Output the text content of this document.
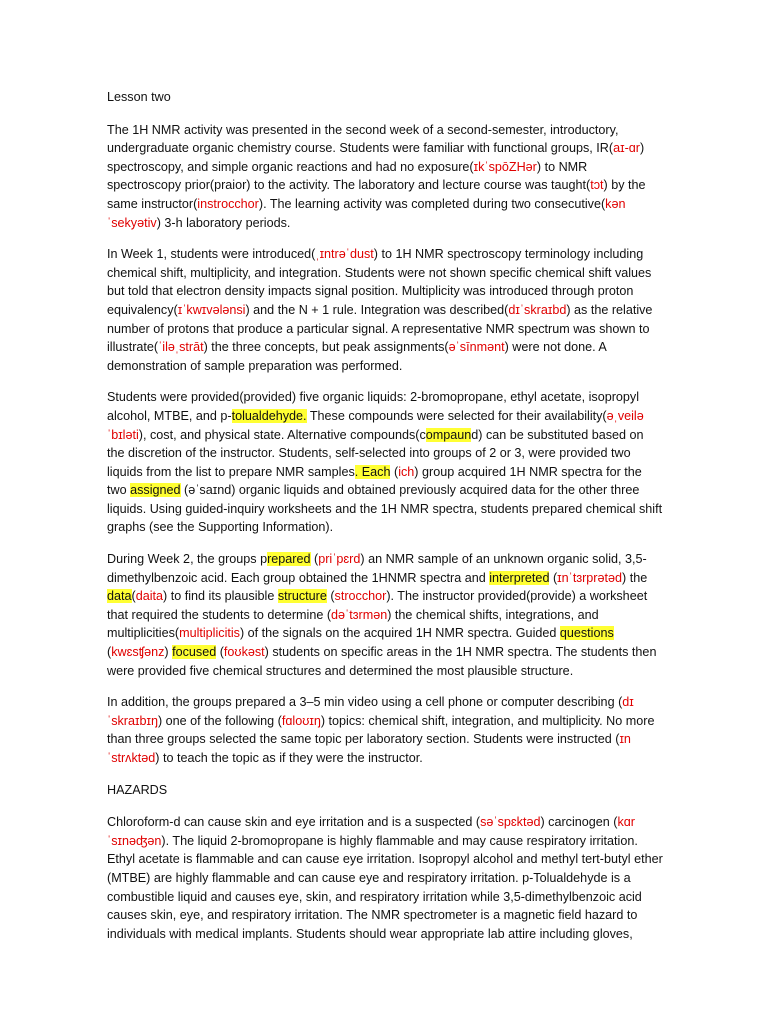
Lesson two
The 1H NMR activity was presented in the second week of a second-semester, introductory, undergraduate organic chemistry course. Students were familiar with functional groups, IR(aɪ-ɑr) spectroscopy, and simple organic reactions and had no exposure(ɪkˈspōZHər) to NMR spectroscopy prior(praior) to the activity. The laboratory and lecture course was taught(tɔt) by the same instructor(instrocchor). The learning activity was completed during two consecutive(kən ˈsekyətiv) 3-h laboratory periods.
In Week 1, students were introduced(ˌɪntrəˈdust) to 1H NMR spectroscopy terminology including chemical shift, multiplicity, and integration. Students were not shown specific chemical shift values but told that electron density impacts signal position. Multiplicity was introduced through proton equivalency(ɪˈkwɪvələnsi) and the N + 1 rule. Integration was described(dɪˈskraɪbd) as the relative number of protons that produce a particular signal. A representative NMR spectrum was shown to illustrate(ˈiləˌstrāt) the three concepts, but peak assignments(əˈsīnmənt) were not done. A demonstration of sample preparation was performed.
Students were provided(provided) five organic liquids: 2-bromopropane, ethyl acetate, isopropyl alcohol, MTBE, and p-tolualdehyde. These compounds were selected for their availability(əˌveilə ˈbɪləti), cost, and physical state. Alternative compounds(compaund) can be substituted based on the discretion of the instructor. Students, self-selected into groups of 2 or 3, were provided two liquids from the list to prepare NMR samples. Each (ich) group acquired 1H NMR spectra for the two assigned (əˈsaɪnd) organic liquids and obtained previously acquired data for the other three liquids. Using guided-inquiry worksheets and the 1H NMR spectra, students prepared chemical shift graphs (see the Supporting Information).
During Week 2, the groups prepared (priˈpɛrd) an NMR sample of an unknown organic solid, 3,5-dimethylbenzoic acid. Each group obtained the 1HNMR spectra and interpreted (ɪnˈtɜrprətəd) the data(daita) to find its plausible structure (strocchor). The instructor provided(provide) a worksheet that required the students to determine (dəˈtɜrmən) the chemical shifts, integrations, and multiplicities(multiplicitis) of the signals on the acquired 1H NMR spectra. Guided questions (kwɛsʧənz) focused (foʊkəst) students on specific areas in the 1H NMR spectra. The students then were provided five chemical structures and determined the most plausible structure.
In addition, the groups prepared a 3–5 min video using a cell phone or computer describing (dɪ ˈskraɪbɪŋ) one of the following (fɑloʊɪŋ) topics: chemical shift, integration, and multiplicity. No more than three groups selected the same topic per laboratory section. Students were instructed (ɪnˈstrʌktəd) to teach the topic as if they were the instructor.
HAZARDS
Chloroform-d can cause skin and eye irritation and is a suspected (səˈspɛktəd) carcinogen (kɑr ˈsɪnəʤən). The liquid 2-bromopropane is highly flammable and may cause respiratory irritation. Ethyl acetate is flammable and can cause eye irritation. Isopropyl alcohol and methyl tert-butyl ether (MTBE) are highly flammable and can cause eye and respiratory irritation. p-Tolualdehyde is a combustible liquid and causes eye, skin, and respiratory irritation while 3,5-dimethylbenzoic acid causes skin, eye, and respiratory irritation. The NMR spectrometer is a magnetic field hazard to individuals with medical implants. Students should wear appropriate lab attire including gloves,
